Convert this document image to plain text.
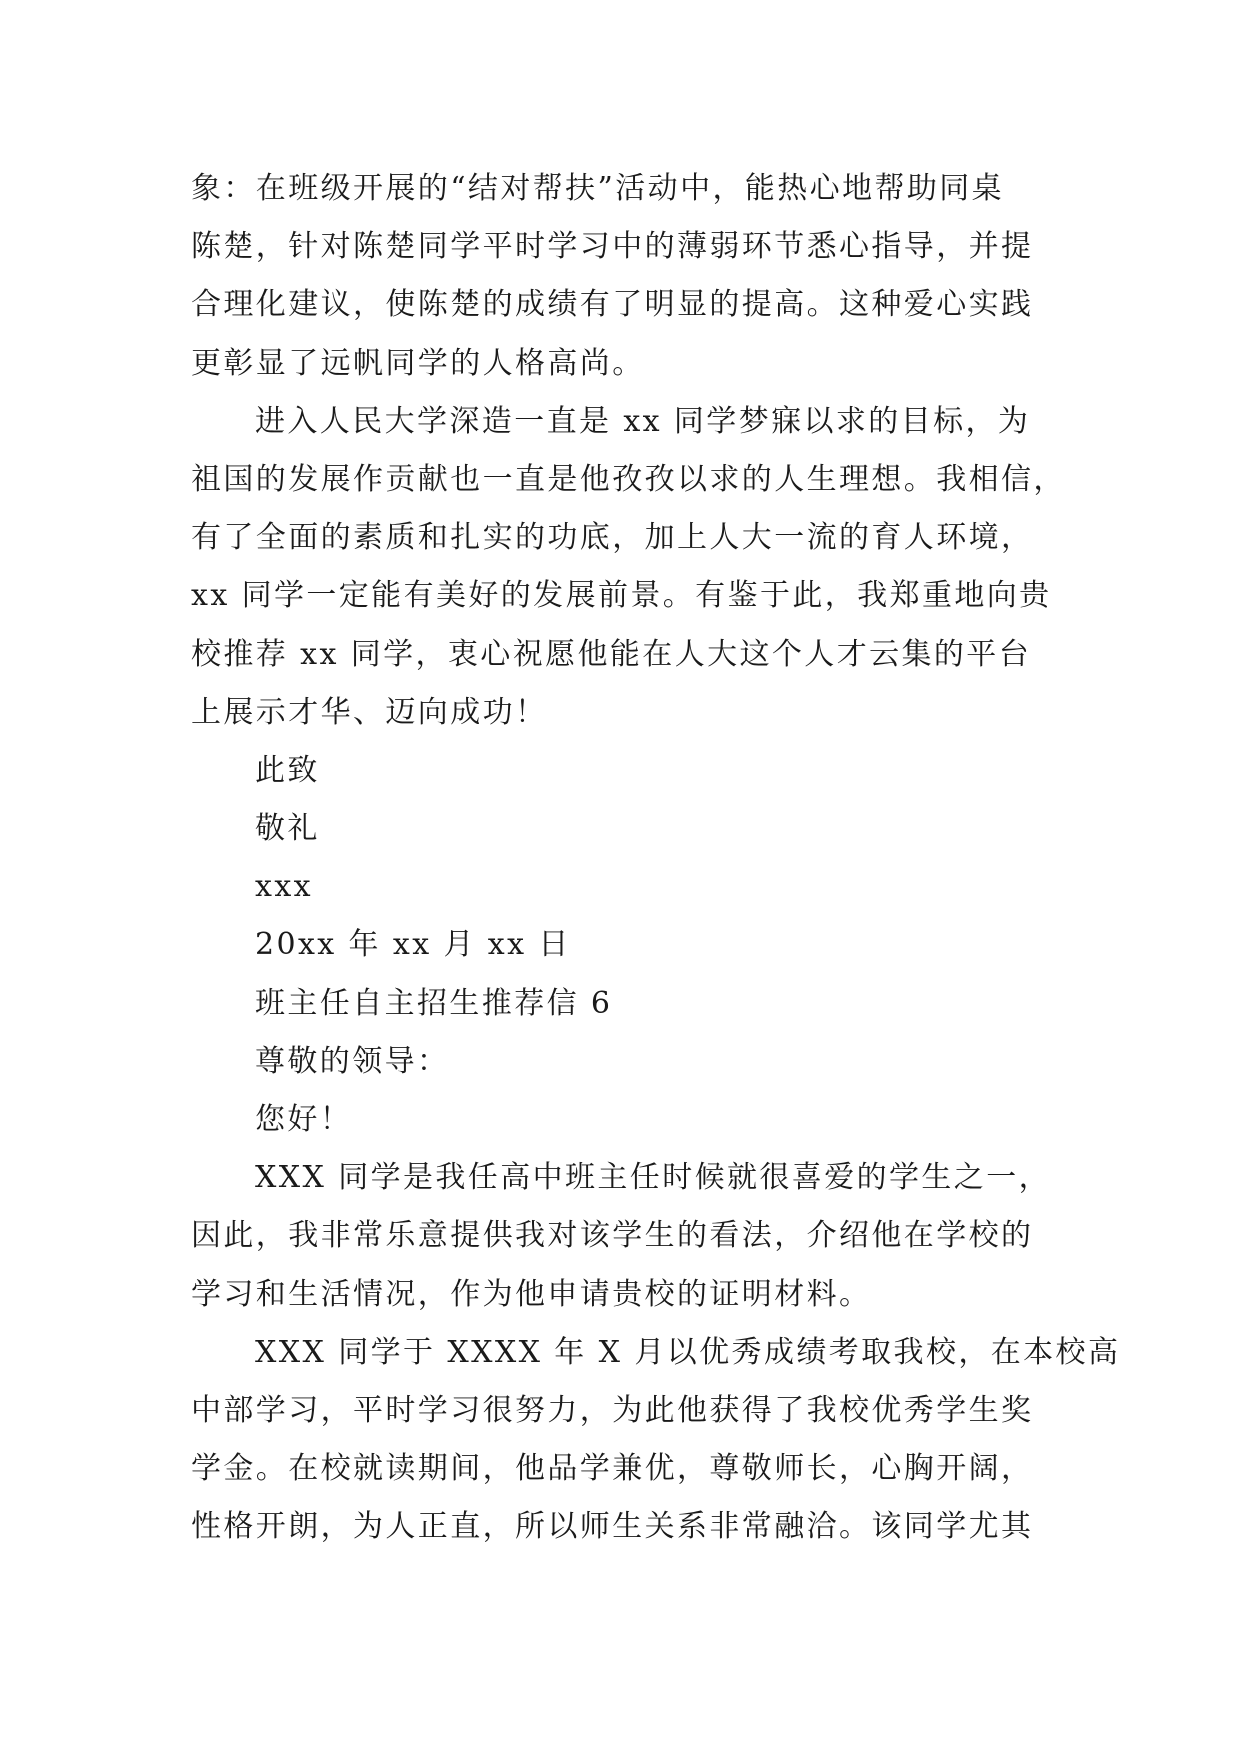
象：在班级开展的“结对帮扶”活动中，能热心地帮助同桌
陈楚，针对陈楚同学平时学习中的薄弱环节悉心指导，并提
合理化建议，使陈楚的成绩有了明显的提高。这种爱心实践
更彰显了远帆同学的人格高尚。
进入人民大学深造一直是 xx 同学梦寐以求的目标，为
祖国的发展作贡献也一直是他孜孜以求的人生理想。我相信，
有了全面的素质和扎实的功底，加上人大一流的育人环境，
xx 同学一定能有美好的发展前景。有鉴于此，我郑重地向贵
校推荐 xx 同学，衷心祝愿他能在人大这个人才云集的平台
上展示才华、迈向成功！
此致
敬礼
xxx
20xx 年 xx 月 xx 日
班主任自主招生推荐信 6
尊敬的领导：
您好！
XXX 同学是我任高中班主任时候就很喜爱的学生之一，
因此，我非常乐意提供我对该学生的看法，介绍他在学校的
学习和生活情况，作为他申请贵校的证明材料。
XXX 同学于 XXXX 年 X 月以优秀成绩考取我校，在本校高
中部学习，平时学习很努力，为此他获得了我校优秀学生奖
学金。在校就读期间，他品学兼优，尊敬师长，心胸开阔，
性格开朗，为人正直，所以师生关系非常融洽。该同学尤其
